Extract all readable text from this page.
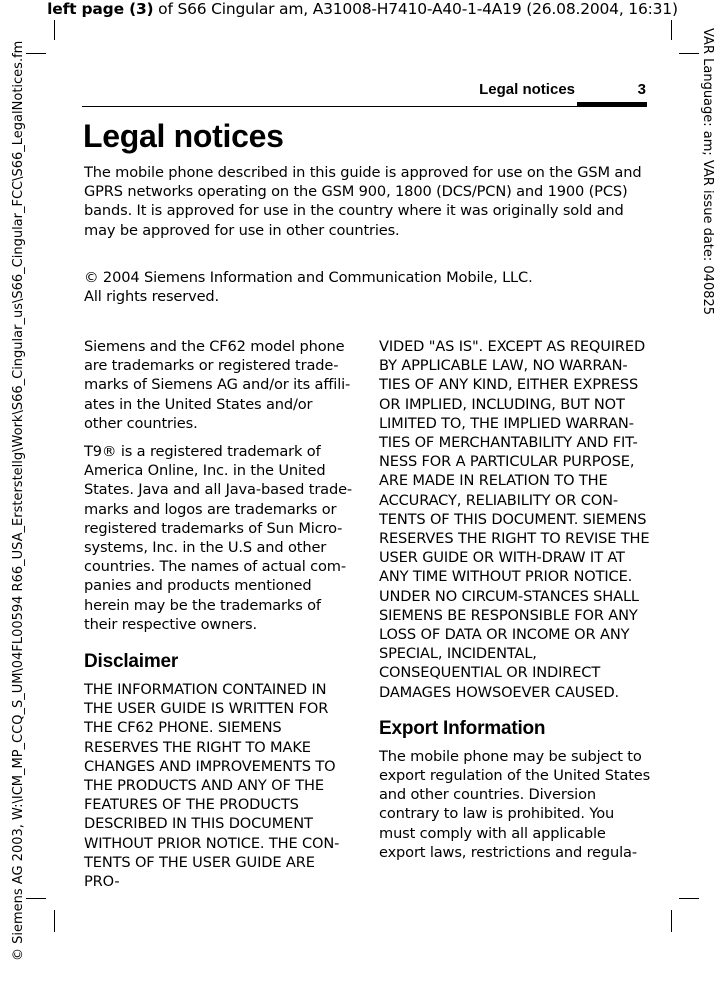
left page (3) of S66 Cingular am, A31008-H7410-A40-1-4A19 (26.08.2004, 16:31)
© Siemens AG 2003, W:\ICM_MP_CCQ_S_UM\04FL00594 R66_USA_Ersterstellg\Work\S66_Cingular_us\S66_Cingular_FCC\S66_LegalNotices.fm	VAR Language: am; VAR issue date: 040825
Legal notices	3
Legal notices

The mobile phone described in this guide is approved for use on the GSM and GPRS networks operating on the GSM 900, 1800 (DCS/PCN) and 1900 (PCS) bands. It is approved for use in the country where it was originally sold and may be approved for use in other countries.

© 2004 Siemens Information and Communication Mobile, LLC.
All rights reserved.

Siemens and the CF62 model phone are trademarks or registered trade-marks of Siemens AG and/or its affili-ates in the United States and/or other countries.

T9® is a registered trademark of America Online, Inc. in the United States. Java and all Java-based trade-marks and logos are trademarks or registered trademarks of Sun Micro-systems, Inc. in the U.S and other countries. The names of actual com-panies and products mentioned herein may be the trademarks of their respective owners.

Disclaimer

THE INFORMATION CONTAINED IN THE USER GUIDE IS WRITTEN FOR THE CF62 PHONE. SIEMENS RESERVES THE RIGHT TO MAKE CHANGES AND IMPROVEMENTS TO THE PRODUCTS AND ANY OF THE FEATURES OF THE PRODUCTS DESCRIBED IN THIS DOCUMENT WITHOUT PRIOR NOTICE. THE CON-TENTS OF THE USER GUIDE ARE PRO-

VIDED "AS IS". EXCEPT AS REQUIRED BY APPLICABLE LAW, NO WARRAN-TIES OF ANY KIND, EITHER EXPRESS OR IMPLIED, INCLUDING, BUT NOT LIMITED TO, THE IMPLIED WARRAN-TIES OF MERCHANTABILITY AND FIT-NESS FOR A PARTICULAR PURPOSE, ARE MADE IN RELATION TO THE ACCURACY, RELIABILITY OR CON-TENTS OF THIS DOCUMENT. SIEMENS RESERVES THE RIGHT TO REVISE THE USER GUIDE OR WITH-DRAW IT AT ANY TIME WITHOUT PRIOR NOTICE. UNDER NO CIRCUM-STANCES SHALL SIEMENS BE RESPONSIBLE FOR ANY LOSS OF DATA OR INCOME OR ANY SPECIAL, INCIDENTAL, CONSEQUENTIAL OR INDIRECT DAMAGES HOWSOEVER CAUSED.

Export Information

The mobile phone may be subject to export regulation of the United States and other countries. Diversion contrary to law is prohibited. You must comply with all applicable export laws, restrictions and regula-
